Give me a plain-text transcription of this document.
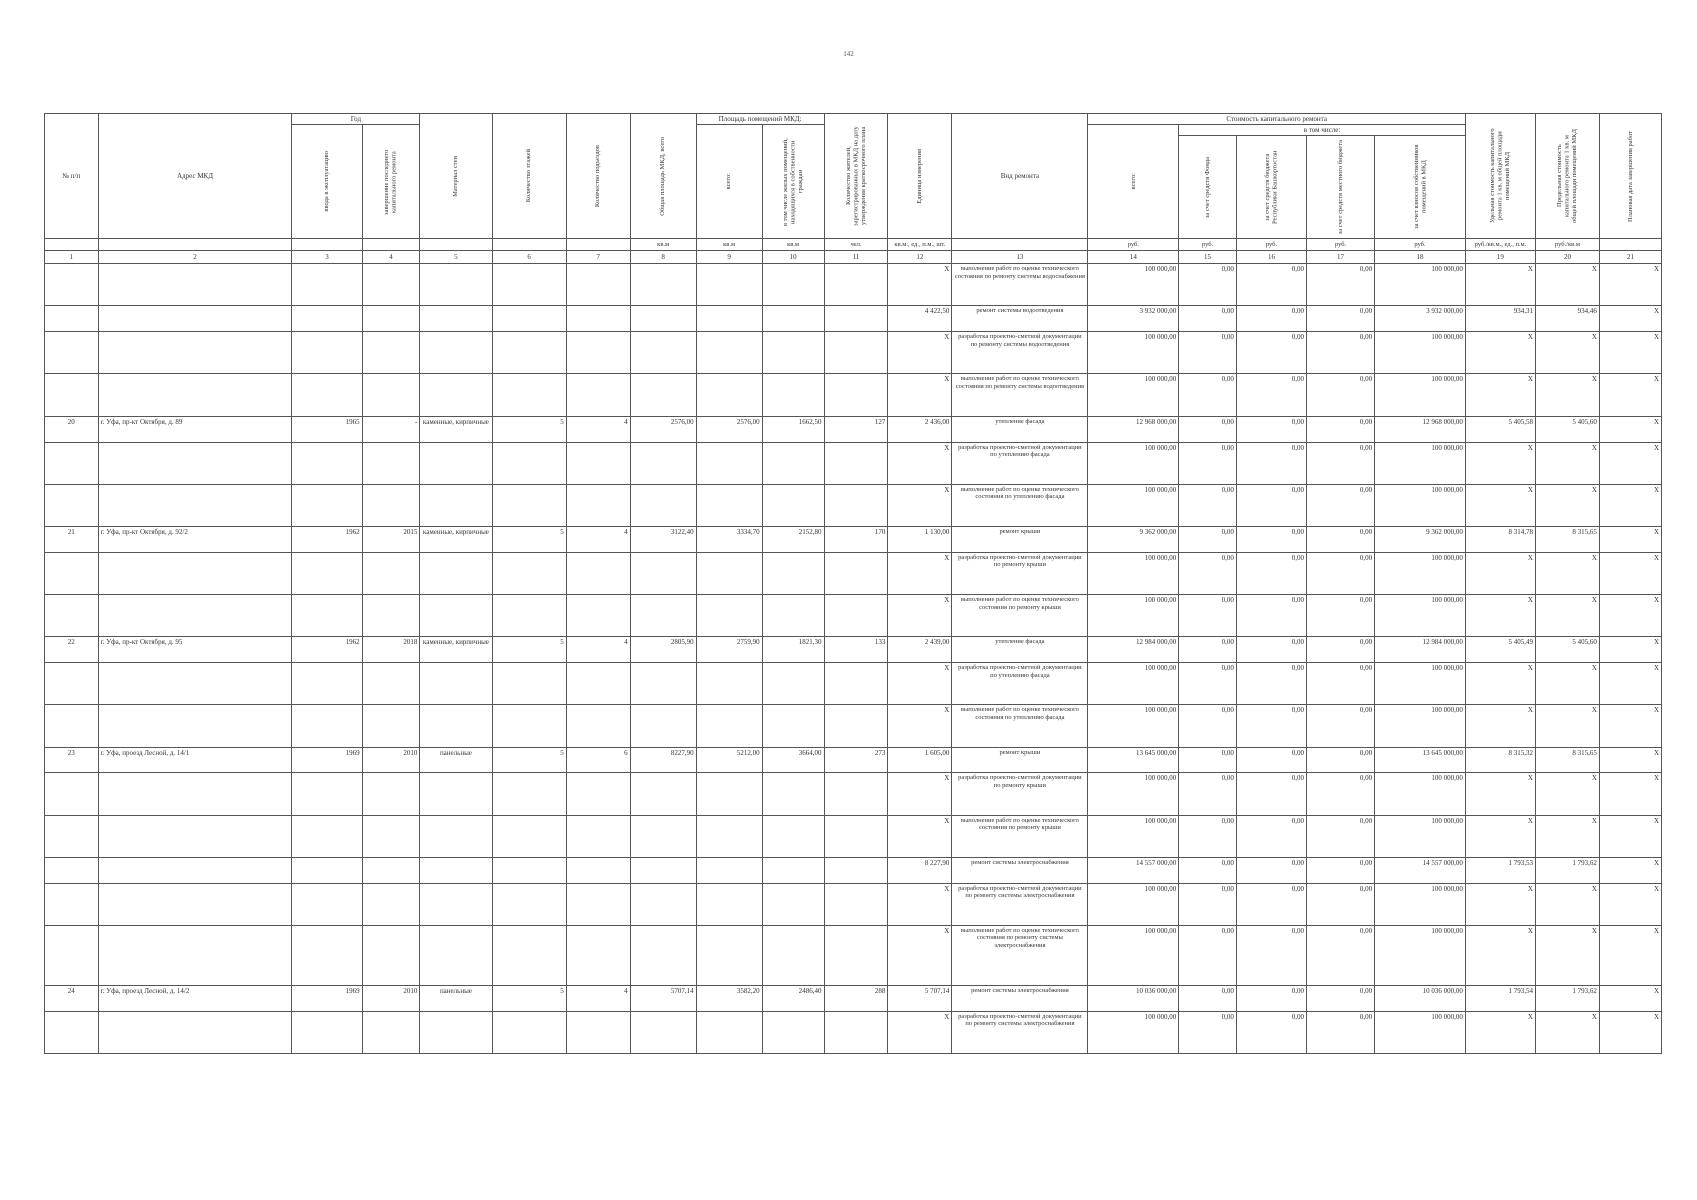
142
№ п/п	Адрес МКД	Год		Материал стен	Количество этажей	Количество подъездов	Общая площадь МКД, всего	Площадь помещений МКД:		Количество жителей, зарегистрированных в МКД на дату утверждения краткосрочного плана	Единица измерения	Вид ремонта	Стоимость капитального ремонта					Удельная стоимость капитального ремонта 1 кв. м общей площади помещений МКД	Предельная стоимость капитального ремонта 1 кв. м общей площади помещений МКД	Плановая дата завершения работ

		ввода в эксплуатацию	завершение последнего капитального ремонта					всего:	в том числе жилых помещений, находящихся в собственности граждан				всего:	в том числе:						

														за счет средств Фонда	за счет средств бюджета Республики Башкортостан	за счет средств местного бюджета	за счет взносов собственников помещений в МКД			

							кв.м	кв.м	кв.м	чел.	кв.м., ед., п.м., шт.		руб.	руб.	руб.	руб.	руб.	руб./кв.м., ед., п.м.	руб./кв.м	
1	2	3	4	5	6	7	8	9	10	11	12	13	14	15	16	17	18	19	20	21
											X	выполнение работ по оценке технического состояния по ремонту системы водоснабжения	100 000,00	0,00	0,00	0,00	100 000,00	X	X	X
											4 422,50	ремонт системы водоотведения	3 932 000,00	0,00	0,00	0,00	3 932 000,00	934,31	934,46	X
											X	разработка проектно-сметной документации по ремонту системы водоотведения	100 000,00	0,00	0,00	0,00	100 000,00	X	X	X
											X	выполнение работ по оценке технического состояния по ремонту системы водоотведения	100 000,00	0,00	0,00	0,00	100 000,00	X	X	X
20	г. Уфа, пр-кт Октября, д. 89	1965	-	каменные, кирпичные	5	4	2576,00	2576,00	1662,50	127	2 436,00	утепление фасада	12 968 000,00	0,00	0,00	0,00	12 968 000,00	5 405,58	5 405,60	X
											X	разработка проектно-сметной документации по утеплению фасада	100 000,00	0,00	0,00	0,00	100 000,00	X	X	X
											X	выполнение работ по оценке технического состояния по утеплению фасада	100 000,00	0,00	0,00	0,00	100 000,00	X	X	X
21	г. Уфа, пр-кт Октября, д. 92/2	1962	2015	каменные, кирпичные	5	4	3122,40	3334,70	2152,80	170	1 130,00	ремонт крыши	9 362 000,00	0,00	0,00	0,00	9 362 000,00	8 314,78	8 315,65	X
											X	разработка проектно-сметной документации по ремонту крыши	100 000,00	0,00	0,00	0,00	100 000,00	X	X	X
											X	выполнение работ по оценке технического состояния по ремонту крыши	100 000,00	0,00	0,00	0,00	100 000,00	X	X	X
22	г. Уфа, пр-кт Октября, д. 95	1962	2018	каменные, кирпичные	5	4	2805,90	2759,90	1821,30	133	2 439,00	утепление фасада	12 984 000,00	0,00	0,00	0,00	12 984 000,00	5 405,49	5 405,60	X
											X	разработка проектно-сметной документации по утеплению фасада	100 000,00	0,00	0,00	0,00	100 000,00	X	X	X
											X	выполнение работ по оценке технического состояния по утеплению фасада	100 000,00	0,00	0,00	0,00	100 000,00	X	X	X
23	г. Уфа, проезд Лесной, д. 14/1	1969	2010	панельные	5	6	8227,90	5212,00	3664,00	273	1 605,00	ремонт крыши	13 645 000,00	0,00	0,00	0,00	13 645 000,00	8 315,32	8 315,65	X
											X	разработка проектно-сметной документации по ремонту крыши	100 000,00	0,00	0,00	0,00	100 000,00	X	X	X
											X	выполнение работ по оценке технического состояния по ремонту крыши	100 000,00	0,00	0,00	0,00	100 000,00	X	X	X
											8 227,90	ремонт системы электроснабжения	14 557 000,00	0,00	0,00	0,00	14 557 000,00	1 793,53	1 793,62	X
											X	разработка проектно-сметной документации по ремонту системы электроснабжения	100 000,00	0,00	0,00	0,00	100 000,00	X	X	X
											X	выполнение работ по оценке технического состояния по ремонту системы электроснабжения	100 000,00	0,00	0,00	0,00	100 000,00	X	X	X
24	г. Уфа, проезд Лесной, д. 14/2	1969	2010	панельные	5	4	5707,14	3582,20	2486,40	288	5 707,14	ремонт системы электроснабжения	10 036 000,00	0,00	0,00	0,00	10 036 000,00	1 793,54	1 793,62	X
											X	разработка проектно-сметной документации по ремонту системы электроснабжения	100 000,00	0,00	0,00	0,00	100 000,00	X	X	X
